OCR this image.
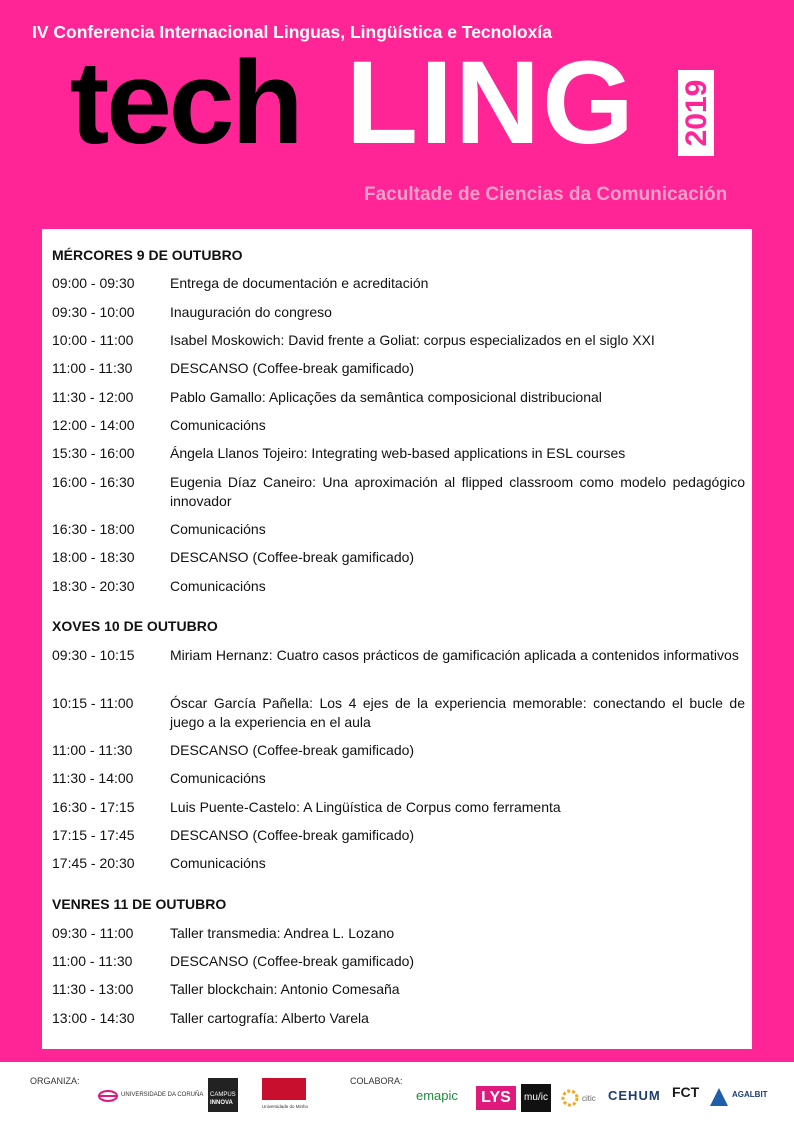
IV Conferencia Internacional Linguas, Lingüística e Tecnoloxía
tech LING 2019
Facultade de Ciencias da Comunicación
MÉRCORES 9 DE OUTUBRO
09:00 - 09:30	Entrega de documentación e acreditación
09:30 - 10:00	Inauguración do congreso
10:00 - 11:00	Isabel Moskowich: David frente a Goliat: corpus especializados en el siglo XXI
11:00 - 11:30	DESCANSO (Coffee-break gamificado)
11:30 - 12:00	Pablo Gamallo: Aplicações da semântica composicional distribucional
12:00 - 14:00	Comunicacións
15:30 - 16:00	Ángela Llanos Tojeiro: Integrating web-based applications in ESL courses
16:00 - 16:30	Eugenia Díaz Caneiro: Una aproximación al flipped classroom como modelo pedagógico innovador
16:30 - 18:00	Comunicacións
18:00 - 18:30	DESCANSO (Coffee-break gamificado)
18:30 - 20:30	Comunicacións
XOVES 10 DE OUTUBRO
09:30 - 10:15	Miriam Hernanz: Cuatro casos prácticos de gamificación aplicada a contenidos informativos
10:15 - 11:00	Óscar García Pañella: Los 4 ejes de la experiencia memorable: conectando el bucle de juego a la experiencia en el aula
11:00 - 11:30	DESCANSO (Coffee-break gamificado)
11:30 - 14:00	Comunicacións
16:30 - 17:15	Luis Puente-Castelo: A Lingüística de Corpus como ferramenta
17:15 - 17:45	DESCANSO (Coffee-break gamificado)
17:45 - 20:30	Comunicacións
VENRES 11 DE OUTUBRO
09:30 - 11:00	Taller transmedia: Andrea L. Lozano
11:00 - 11:30	DESCANSO (Coffee-break gamificado)
11:30 - 13:00	Taller blockchain: Antonio Comesaña
13:00 - 14:30	Taller cartografía: Alberto Varela
ORGANIZA:
UNIVERSIDADE DA CORUÑA CAMPUS
INNOVA
Universidade do Minho
COLABORA:
emapic	LYS	mu/ic	citic CEHUM FCT	AGALBIT
